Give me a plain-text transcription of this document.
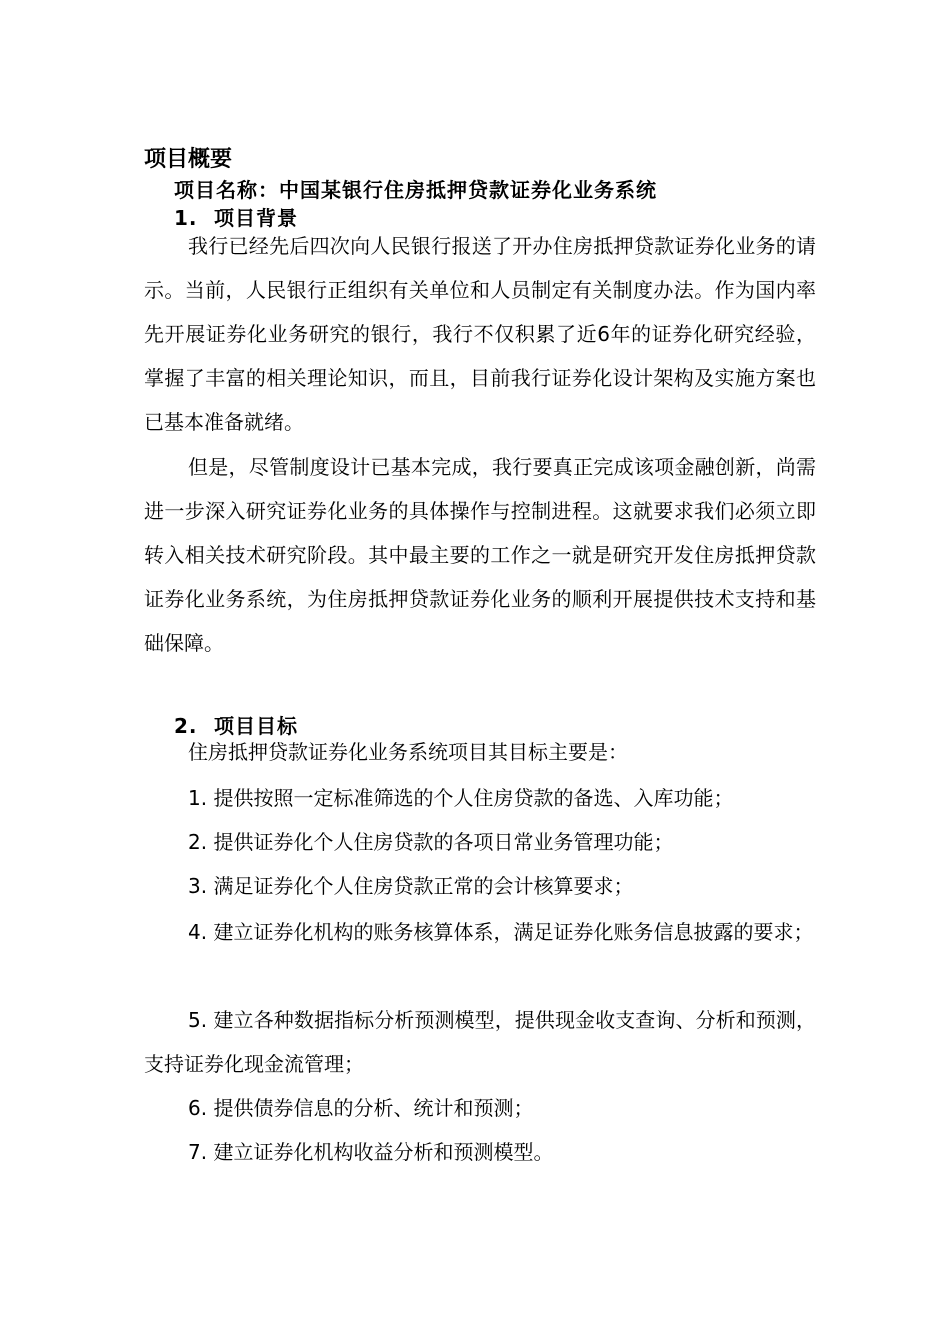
项目概要
项目名称：中国某银行住房抵押贷款证券化业务系统
1. 项目背景

我行已经先后四次向人民银行报送了开办住房抵押贷款证券化业务的请示。当前，人民银行正组织有关单位和人员制定有关制度办法。作为国内率先开展证券化业务研究的银行，我行不仅积累了近6年的证券化研究经验，掌握了丰富的相关理论知识，而且，目前我行证券化设计架构及实施方案也已基本准备就绪。

但是，尽管制度设计已基本完成，我行要真正完成该项金融创新，尚需进一步深入研究证券化业务的具体操作与控制进程。这就要求我们必须立即转入相关技术研究阶段。其中最主要的工作之一就是研究开发住房抵押贷款证券化业务系统，为住房抵押贷款证券化业务的顺利开展提供技术支持和基础保障。

2. 项目目标
住房抵押贷款证券化业务系统项目其目标主要是：

1. 提供按照一定标准筛选的个人住房贷款的备选、入库功能；

2. 提供证券化个人住房贷款的各项日常业务管理功能；

3. 满足证券化个人住房贷款正常的会计核算要求；

4. 建立证券化机构的账务核算体系，满足证券化账务信息披露的要求；

5. 建立各种数据指标分析预测模型，提供现金收支查询、分析和预测，支持证券化现金流管理；

6. 提供债券信息的分析、统计和预测；

7. 建立证券化机构收益分析和预测模型。
